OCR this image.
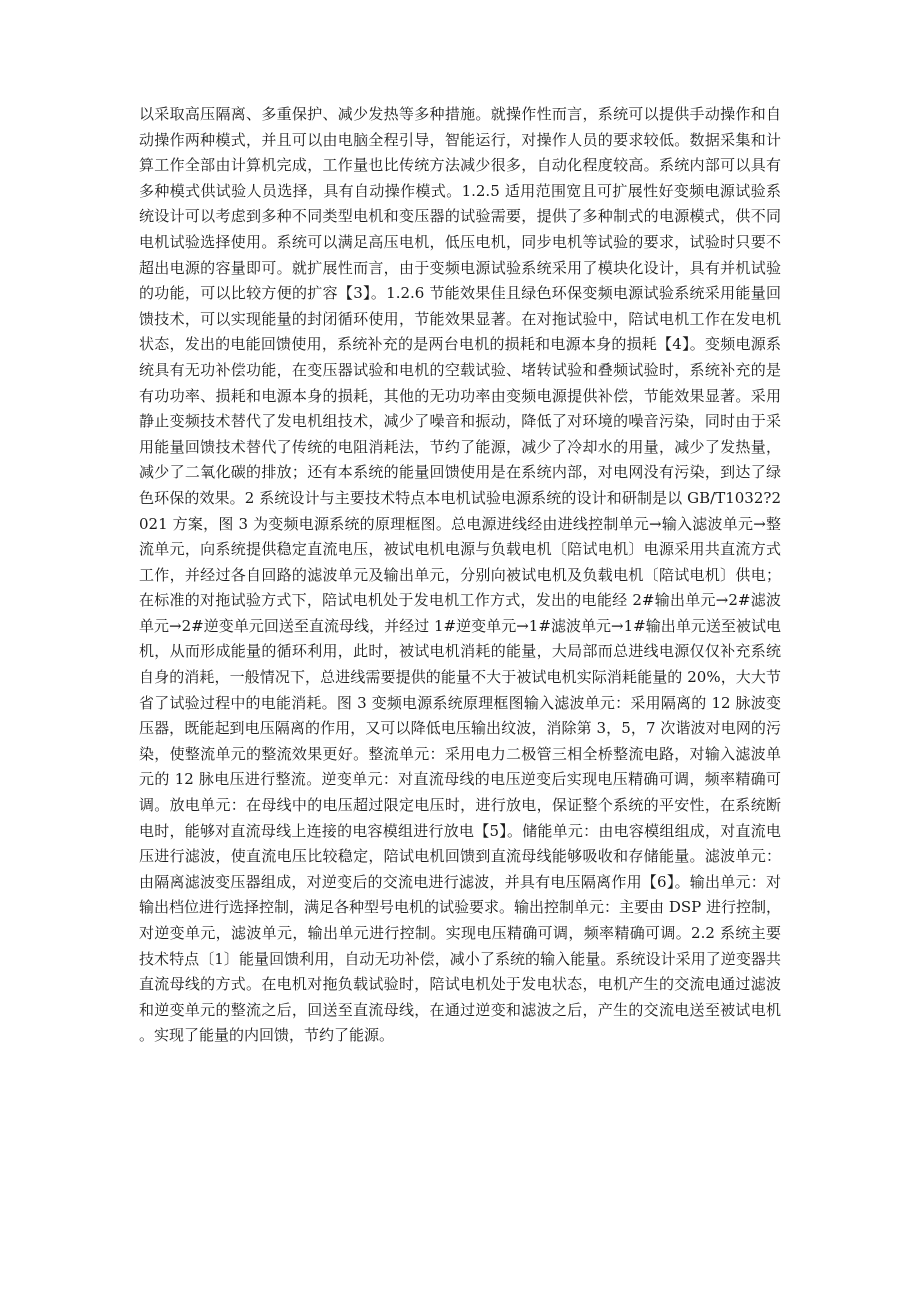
以采取高压隔离、多重保护、减少发热等多种措施。就操作性而言，系统可以提供手动操作和自动操作两种模式，并且可以由电脑全程引导，智能运行，对操作人员的要求较低。数据采集和计算工作全部由计算机完成，工作量也比传统方法减少很多，自动化程度较高。系统内部可以具有多种模式供试验人员选择，具有自动操作模式。1.2.5 适用范围宽且可扩展性好变频电源试验系统设计可以考虑到多种不同类型电机和变压器的试验需要，提供了多种制式的电源模式，供不同电机试验选择使用。系统可以满足高压电机，低压电机，同步电机等试验的要求，试验时只要不超出电源的容量即可。就扩展性而言，由于变频电源试验系统采用了模块化设计，具有并机试验的功能，可以比较方便的扩容【3】。1.2.6 节能效果佳且绿色环保变频电源试验系统采用能量回馈技术，可以实现能量的封闭循环使用，节能效果显著。在对拖试验中，陪试电机工作在发电机状态，发出的电能回馈使用，系统补充的是两台电机的损耗和电源本身的损耗【4】。变频电源系统具有无功补偿功能，在变压器试验和电机的空载试验、堵转试验和叠频试验时，系统补充的是有功功率、损耗和电源本身的损耗，其他的无功功率由变频电源提供补偿，节能效果显著。采用静止变频技术替代了发电机组技术，减少了噪音和振动，降低了对环境的噪音污染，同时由于采用能量回馈技术替代了传统的电阻消耗法，节约了能源，减少了冷却水的用量，减少了发热量，减少了二氧化碳的排放；还有本系统的能量回馈使用是在系统内部，对电网没有污染，到达了绿色环保的效果。2 系统设计与主要技术特点本电机试验电源系统的设计和研制是以 GB/T1032?2021 方案，图 3 为变频电源系统的原理框图。总电源进线经由进线控制单元→输入滤波单元→整流单元，向系统提供稳定直流电压，被试电机电源与负载电机〔陪试电机〕电源采用共直流方式工作，并经过各自回路的滤波单元及输出单元，分别向被试电机及负载电机〔陪试电机〕供电；在标准的对拖试验方式下，陪试电机处于发电机工作方式，发出的电能经 2#输出单元→2#滤波单元→2#逆变单元回送至直流母线，并经过 1#逆变单元→1#滤波单元→1#输出单元送至被试电机，从而形成能量的循环利用，此时，被试电机消耗的能量，大局部而总进线电源仅仅补充系统自身的消耗，一般情况下，总进线需要提供的能量不大于被试电机实际消耗能量的 20%，大大节省了试验过程中的电能消耗。图 3 变频电源系统原理框图输入滤波单元：采用隔离的 12 脉波变压器，既能起到电压隔离的作用，又可以降低电压输出纹波，消除第 3，5，7 次谐波对电网的污染，使整流单元的整流效果更好。整流单元：采用电力二极管三相全桥整流电路，对输入滤波单元的 12 脉电压进行整流。逆变单元：对直流母线的电压逆变后实现电压精确可调，频率精确可调。放电单元：在母线中的电压超过限定电压时，进行放电，保证整个系统的平安性，在系统断电时，能够对直流母线上连接的电容模组进行放电【5】。储能单元：由电容模组组成，对直流电压进行滤波，使直流电压比较稳定，陪试电机回馈到直流母线能够吸收和存储能量。滤波单元：由隔离滤波变压器组成，对逆变后的交流电进行滤波，并具有电压隔离作用【6】。输出单元：对输出档位进行选择控制，满足各种型号电机的试验要求。输出控制单元：主要由 DSP 进行控制，对逆变单元，滤波单元，输出单元进行控制。实现电压精确可调，频率精确可调。2.2 系统主要技术特点〔1〕能量回馈利用，自动无功补偿，减小了系统的输入能量。系统设计采用了逆变器共直流母线的方式。在电机对拖负载试验时，陪试电机处于发电状态，电机产生的交流电通过滤波和逆变单元的整流之后，回送至直流母线，在通过逆变和滤波之后，产生的交流电送至被试电机。实现了能量的内回馈，节约了能源。
